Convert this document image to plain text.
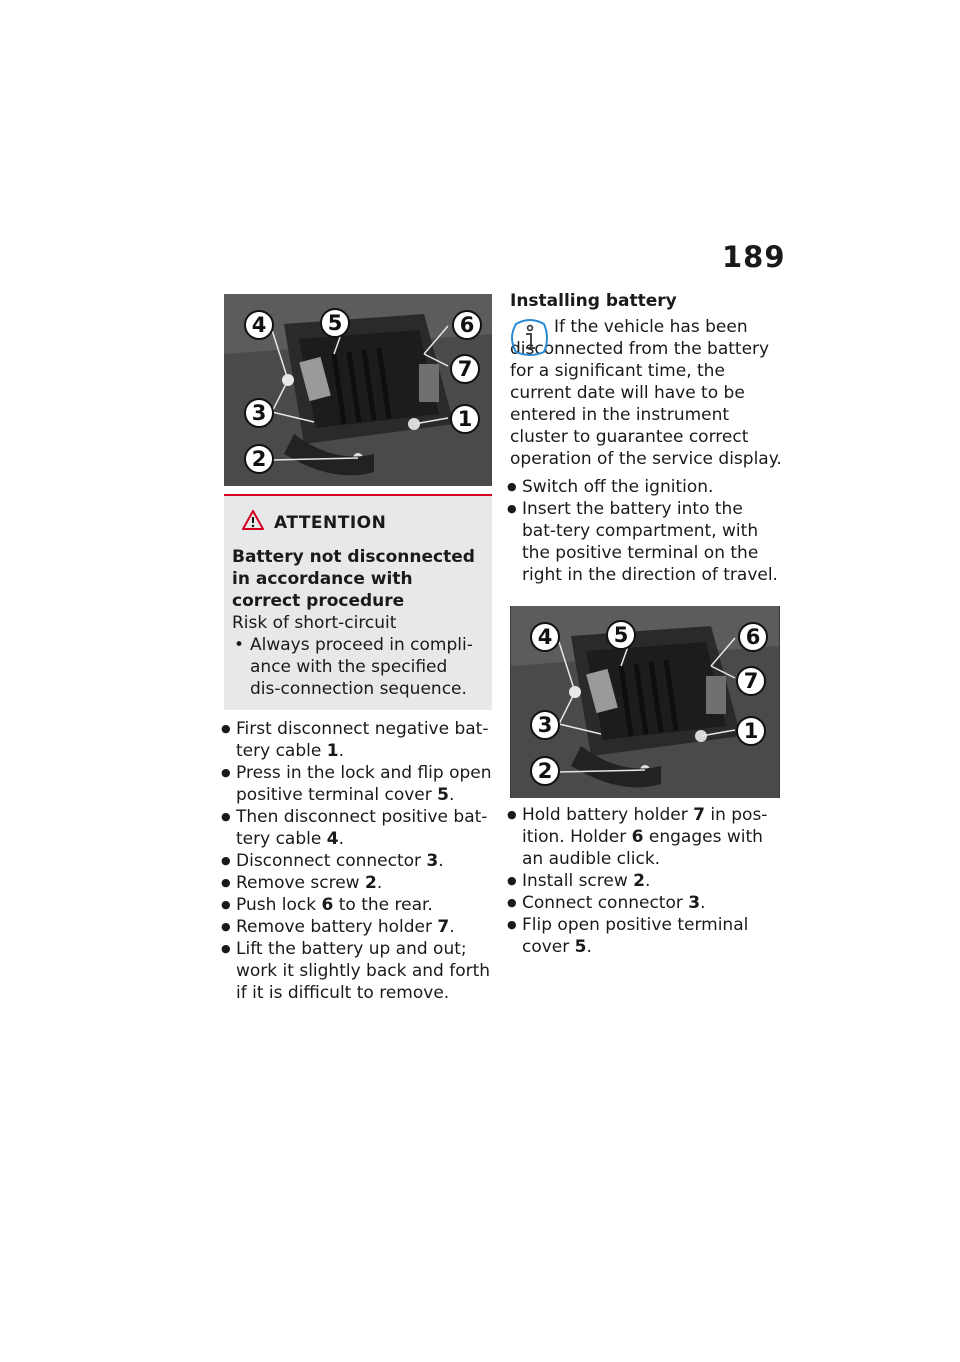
189
4	5	6
7
3	1
2
ATTENTION
Battery not disconnected in accordance with correct procedure
Risk of short-circuit
• Always proceed in compli-ance with the specified dis-connection sequence.
● First disconnect negative bat-tery cable 1.
● Press in the lock and flip open positive terminal cover 5.
● Then disconnect positive bat-tery cable 4.
● Disconnect connector 3.
● Remove screw 2.
● Push lock 6 to the rear.
● Remove battery holder 7.
● Lift the battery up and out; work it slightly back and forth if it is difficult to remove.
Installing battery
If the vehicle has been disconnected from the battery for a significant time, the current date will have to be entered in the instrument cluster to guarantee correct operation of the service display.
● Switch off the ignition.
● Insert the battery into the bat-tery compartment, with the positive terminal on the right in the direction of travel.
4	5	6
7
3	1
2
● Hold battery holder 7 in pos-ition. Holder 6 engages with an audible click.
● Install screw 2.
● Connect connector 3.
● Flip open positive terminal cover 5.
